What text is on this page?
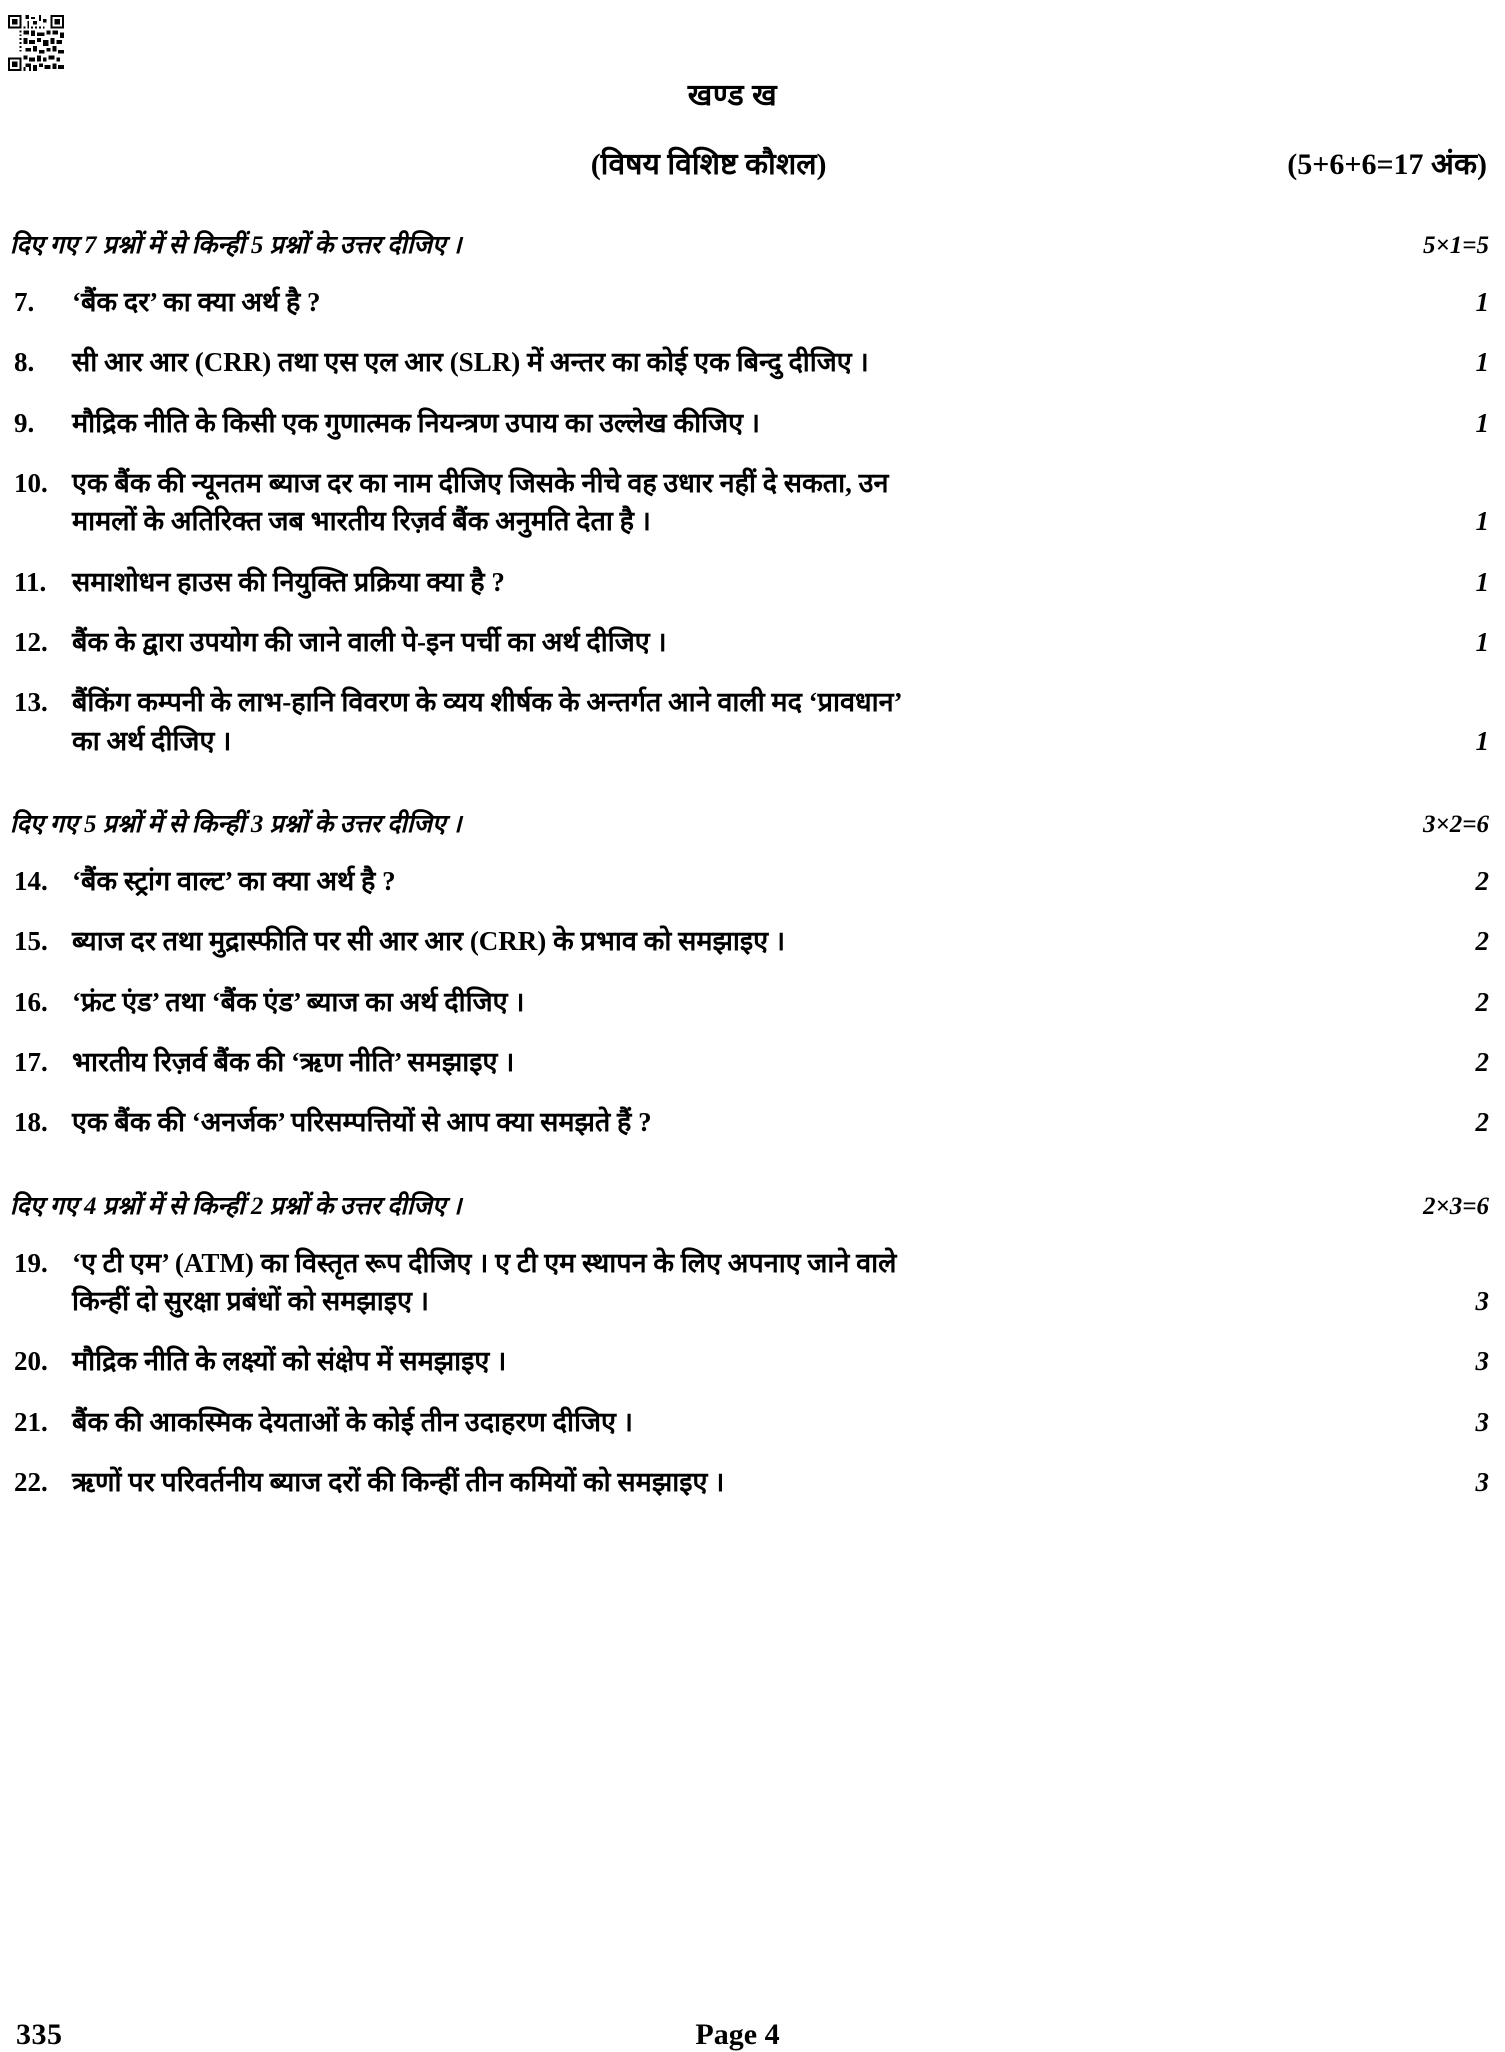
खण्ड ख
(विषय विशिष्ट कौशल)	(5+6+6=17 अंक)
दिए गए 7 प्रश्नों में से किन्हीं 5 प्रश्नों के उत्तर दीजिए ।	5×1=5
7.	‘बैंक दर’ का क्या अर्थ है ?	1
8.	सी आर आर (CRR) तथा एस एल आर (SLR) में अन्तर का कोई एक बिन्दु दीजिए ।	1
9.	मौद्रिक नीति के किसी एक गुणात्मक नियन्त्रण उपाय का उल्लेख कीजिए ।	1
10. एक बैंक की न्यूनतम ब्याज दर का नाम दीजिए जिसके नीचे वह उधार नहीं दे सकता, उन
मामलों के अतिरिक्त जब भारतीय रिज़र्व बैंक अनुमति देता है ।	1
11. समाशोधन हाउस की नियुक्ति प्रक्रिया क्या है ?	1
12. बैंक के द्वारा उपयोग की जाने वाली पे-इन पर्ची का अर्थ दीजिए ।	1
13. बैंकिंग कम्पनी के लाभ-हानि विवरण के व्यय शीर्षक के अन्तर्गत आने वाली मद ‘प्रावधान’
का अर्थ दीजिए ।	1
दिए गए 5 प्रश्नों में से किन्हीं 3 प्रश्नों के उत्तर दीजिए ।	3×2=6
14. ‘बैंक स्ट्रांग वाल्ट’ का क्या अर्थ है ?	2
15. ब्याज दर तथा मुद्रास्फीति पर सी आर आर (CRR) के प्रभाव को समझाइए ।	2
16. ‘फ्रंट एंड’ तथा ‘बैंक एंड’ ब्याज का अर्थ दीजिए ।	2
17. भारतीय रिज़र्व बैंक की ‘ऋण नीति’ समझाइए ।	2
18. एक बैंक की ‘अनर्जक’ परिसम्पत्तियों से आप क्या समझते हैं ?	2
दिए गए 4 प्रश्नों में से किन्हीं 2 प्रश्नों के उत्तर दीजिए ।	2×3=6
19. ‘ए टी एम’ (ATM) का विस्तृत रूप दीजिए । ए टी एम स्थापन के लिए अपनाए जाने वाले
किन्हीं दो सुरक्षा प्रबंधों को समझाइए ।	3
20. मौद्रिक नीति के लक्ष्यों को संक्षेप में समझाइए ।	3
21. बैंक की आकस्मिक देयताओं के कोई तीन उदाहरण दीजिए ।	3
22. ऋणों पर परिवर्तनीय ब्याज दरों की किन्हीं तीन कमियों को समझाइए ।	3
335	Page 4
